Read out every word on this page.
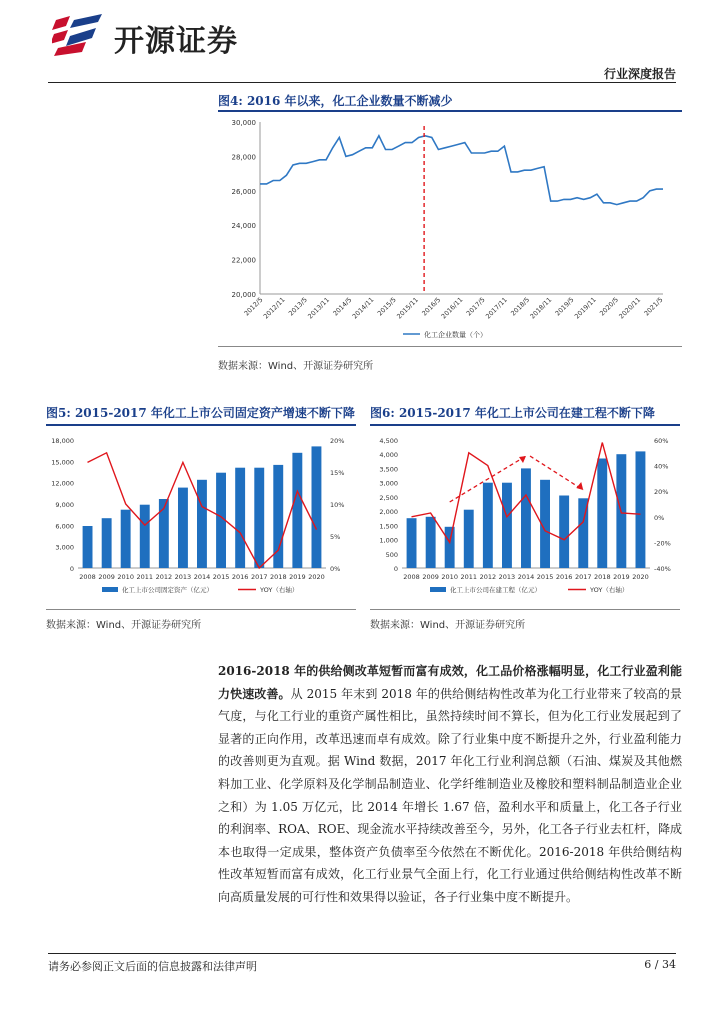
开源证券
行业深度报告
图4: 2016 年以来，化工企业数量不断减少
20,000
22,000
24,000
26,000
28,000
30,000
2012/5
2012/11 2013/5
2013/11 2014/5
2014/11 2015/5
2015/11 2016/5
2016/11 2017/5
2017/11 2018/5
2018/11 2019/5
2019/11 2020/5
2020/11 2021/5
化工企业数量（个）
数据来源：Wind、开源证券研究所
图5: 2015-2017 年化工上市公司固定资产增速不断下降
0
3,000
6,000
9,000
12,000
15,000
18,000
0%
5%
10%
15%
20%
2008 2009 2010 2011 2012 2013 2014 2015 2016 2017 2018 2019 2020
化工上市公司固定资产（亿元）	YOY（右轴）
数据来源：Wind、开源证券研究所
图6: 2015-2017 年化工上市公司在建工程不断下降
0
500
1,000
1,500
2,000
2,500
3,000
3,500
4,000
4,500
-40%
-20%
0%
20%
40%
60%
2008 2009 2010 2011 2012 2013 2014 2015 2016 2017 2018 2019 2020
化工上市公司在建工程（亿元）	YOY（右轴）
数据来源：Wind、开源证券研究所
2016-2018 年的供给侧改革短暂而富有成效，化工品价格涨幅明显，化工行业盈利能力快速改善。从 2015 年末到 2018 年的供给侧结构性改革为化工行业带来了较高的景气度，与化工行业的重资产属性相比，虽然持续时间不算长，但为化工行业发展起到了显著的正向作用，改革迅速而卓有成效。除了行业集中度不断提升之外，行业盈利能力的改善则更为直观。据 Wind 数据，2017 年化工行业利润总额（石油、煤炭及其他燃料加工业、化学原料及化学制品制造业、化学纤维制造业及橡胶和塑料制品制造业企业之和）为 1.05 万亿元，比 2014 年增长 1.67 倍，盈利水平和质量上，化工各子行业的利润率、ROA、ROE、现金流水平持续改善至今，另外，化工各子行业去杠杆，降成本也取得一定成果，整体资产负债率至今依然在不断优化。2016-2018 年供给侧结构性改革短暂而富有成效，化工行业景气全面上行，化工行业通过供给侧结构性改革不断向高质量发展的可行性和效果得以验证，各子行业集中度不断提升。
请务必参阅正文后面的信息披露和法律声明	6 / 34
